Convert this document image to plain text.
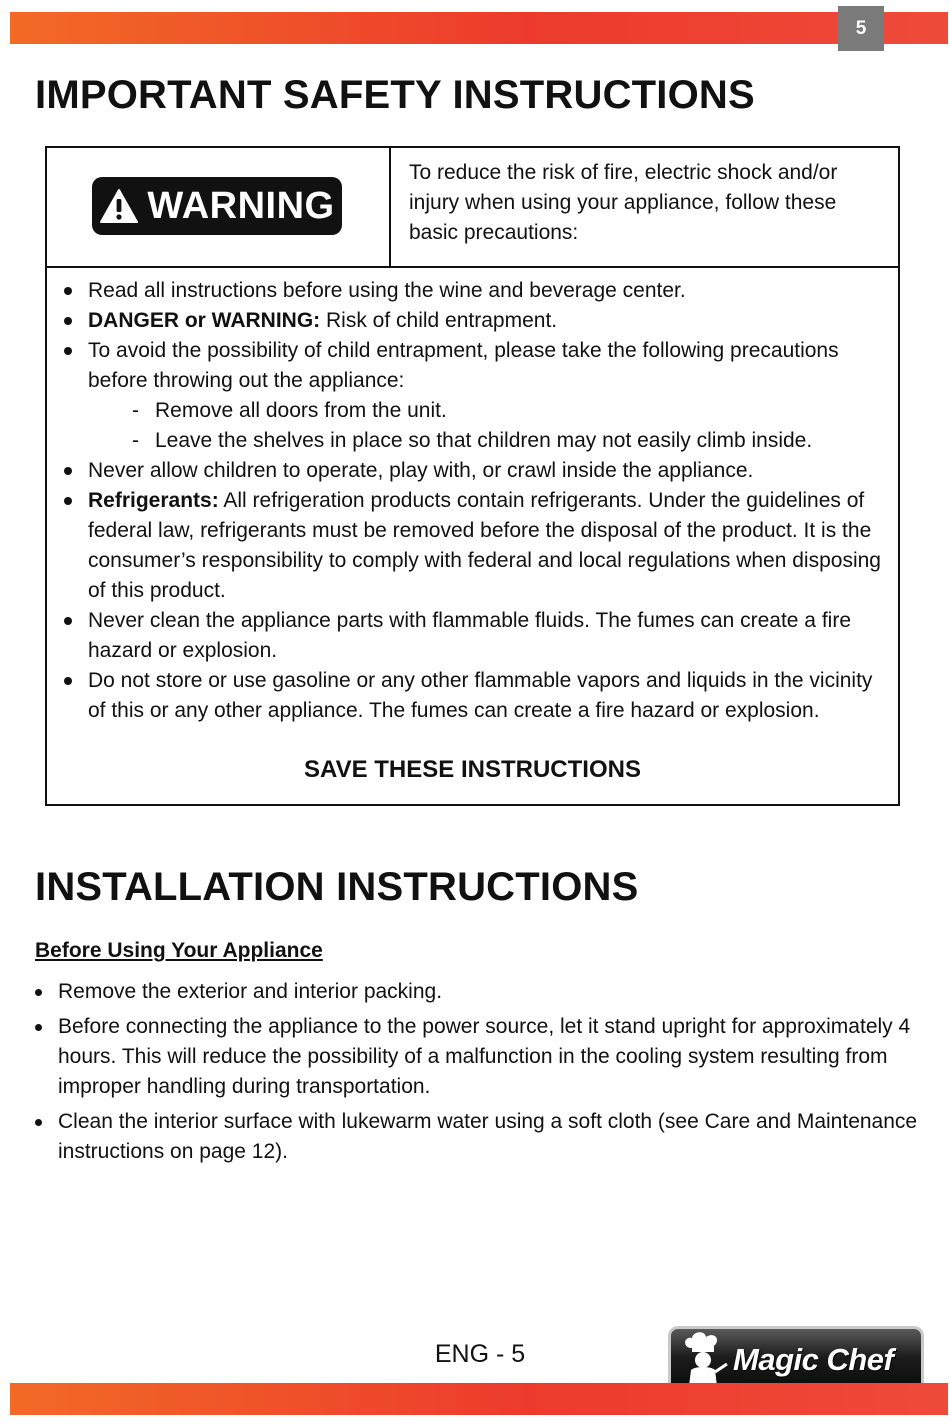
5
IMPORTANT SAFETY INSTRUCTIONS
WARNING

To reduce the risk of fire, electric shock and/or injury when using your appliance, follow these basic precautions:

Read all instructions before using the wine and beverage center.
DANGER or WARNING: Risk of child entrapment.
To avoid the possibility of child entrapment, please take the following precautions before throwing out the appliance:
- Remove all doors from the unit.
- Leave the shelves in place so that children may not easily climb inside.
Never allow children to operate, play with, or crawl inside the appliance.
Refrigerants: All refrigeration products contain refrigerants. Under the guidelines of federal law, refrigerants must be removed before the disposal of the product. It is the consumer’s responsibility to comply with federal and local regulations when disposing of this product.
Never clean the appliance parts with flammable fluids. The fumes can create a fire hazard or explosion.
Do not store or use gasoline or any other flammable vapors and liquids in the vicinity of this or any other appliance. The fumes can create a fire hazard or explosion.

SAVE THESE INSTRUCTIONS

INSTALLATION INSTRUCTIONS

Before Using Your Appliance

Remove the exterior and interior packing.
Before connecting the appliance to the power source, let it stand upright for approximately 4 hours. This will reduce the possibility of a malfunction in the cooling system resulting from improper handling during transportation.
Clean the interior surface with lukewarm water using a soft cloth (see Care and Maintenance instructions on page 12).

ENG - 5	Magic Chef
